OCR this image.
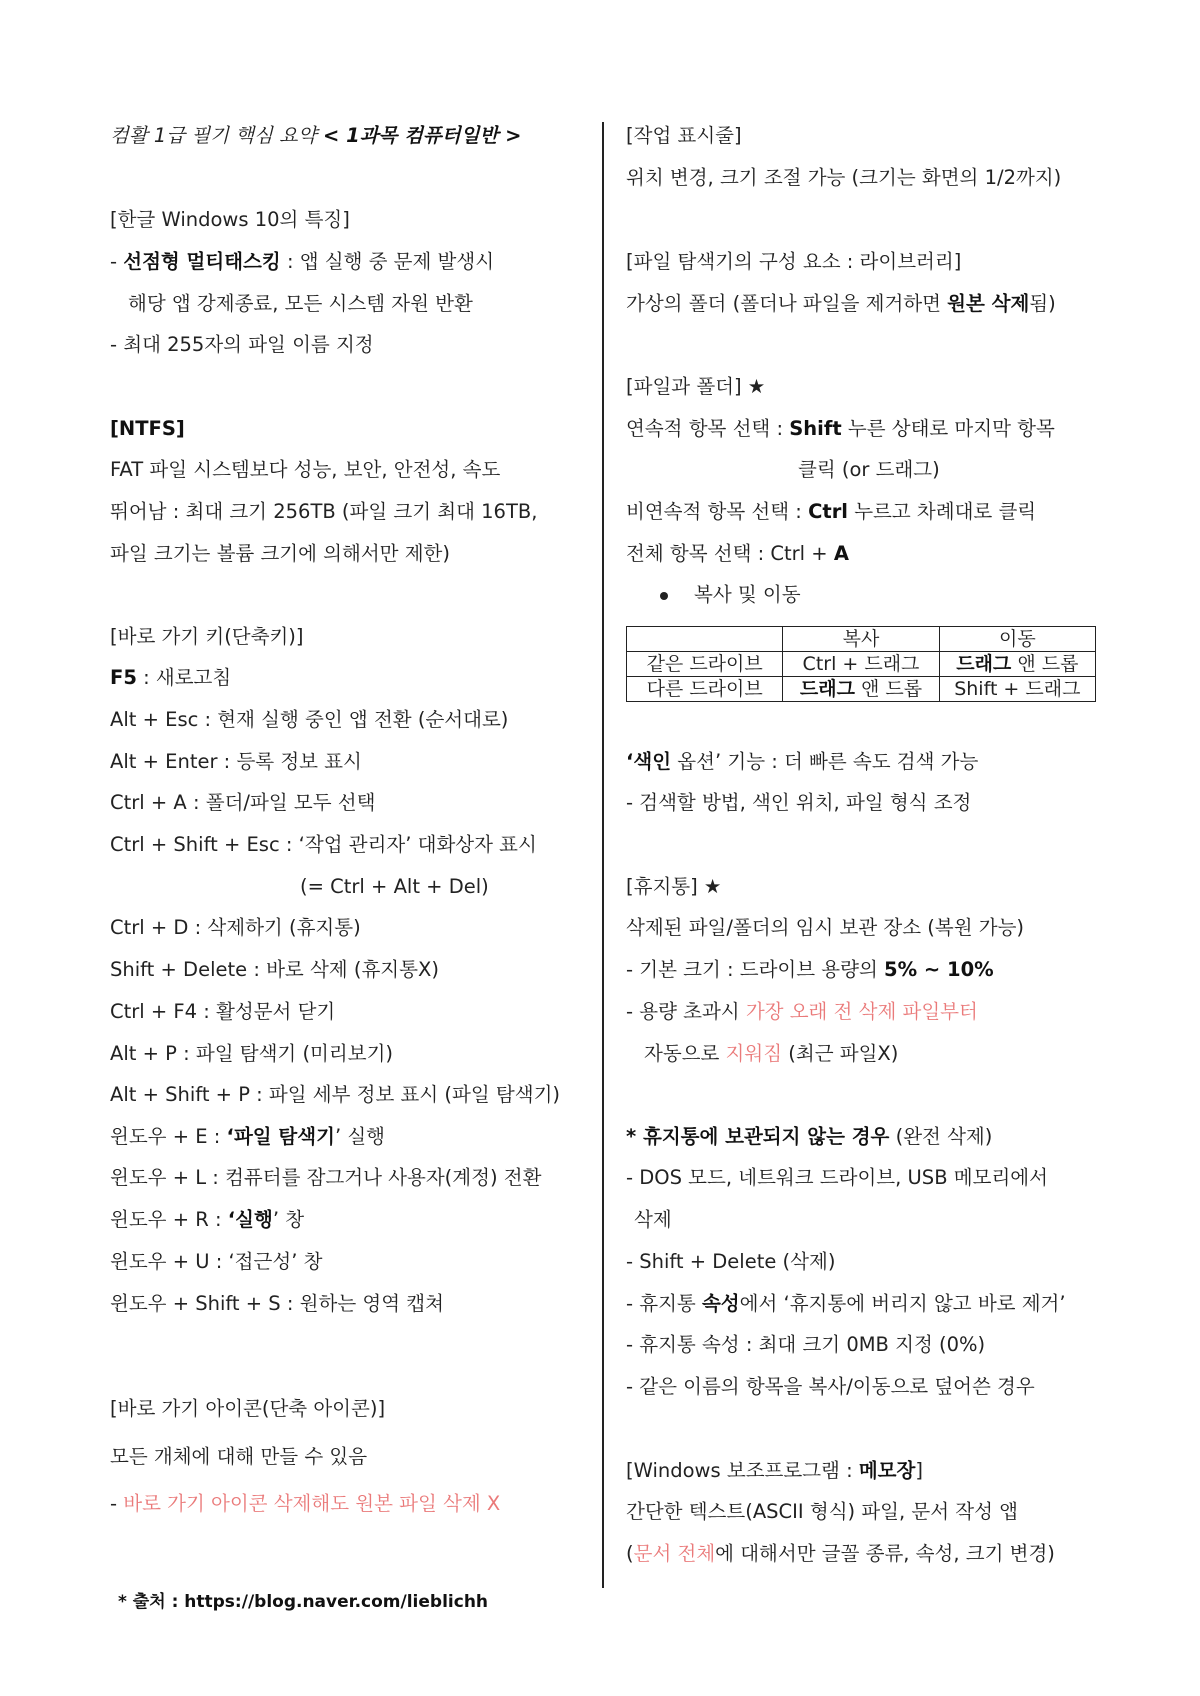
컴활 1급 필기 핵심 요약 < 1과목 컴퓨터일반 >
[한글 Windows 10의 특징]
- 선점형 멀티태스킹 : 앱 실행 중 문제 발생시
해당 앱 강제종료, 모든 시스템 자원 반환
- 최대 255자의 파일 이름 지정
[NTFS]
FAT 파일 시스템보다 성능, 보안, 안전성, 속도
뛰어남 : 최대 크기 256TB (파일 크기 최대 16TB,
파일 크기는 볼륨 크기에 의해서만 제한)
[바로 가기 키(단축키)]
F5 : 새로고침
Alt + Esc : 현재 실행 중인 앱 전환 (순서대로)
Alt + Enter : 등록 정보 표시
Ctrl + A : 폴더/파일 모두 선택
Ctrl + Shift + Esc : ‘작업 관리자’ 대화상자 표시
(= Ctrl + Alt + Del)
Ctrl + D : 삭제하기 (휴지통)
Shift + Delete : 바로 삭제 (휴지통X)
Ctrl + F4 : 활성문서 닫기
Alt + P : 파일 탐색기 (미리보기)
Alt + Shift + P : 파일 세부 정보 표시 (파일 탐색기)
윈도우 + E : ‘파일 탐색기’ 실행
윈도우 + L : 컴퓨터를 잠그거나 사용자(계정) 전환
윈도우 + R : ‘실행’ 창
윈도우 + U : ‘접근성’ 창
윈도우 + Shift + S : 원하는 영역 캡쳐
[바로 가기 아이콘(단축 아이콘)]
모든 개체에 대해 만들 수 있음
- 바로 가기 아이콘 삭제해도 원본 파일 삭제 X
* 출처 : https://blog.naver.com/lieblichh
[작업 표시줄]
위치 변경, 크기 조절 가능 (크기는 화면의 1/2까지)
[파일 탐색기의 구성 요소 : 라이브러리]
가상의 폴더 (폴더나 파일을 제거하면 원본 삭제됨)
[파일과 폴더] ★
연속적 항목 선택 : Shift 누른 상태로 마지막 항목
클릭 (or 드래그)
비연속적 항목 선택 : Ctrl 누르고 차례대로 클릭
전체 항목 선택 : Ctrl + A
복사 및 이동
	복사	이동
같은 드라이브	Ctrl + 드래그	드래그 앤 드롭
다른 드라이브	드래그 앤 드롭	Shift + 드래그
‘색인 옵션’ 기능 : 더 빠른 속도 검색 가능
- 검색할 방법, 색인 위치, 파일 형식 조정
[휴지통] ★
삭제된 파일/폴더의 임시 보관 장소 (복원 가능)
- 기본 크기 : 드라이브 용량의 5% ~ 10%
- 용량 초과시 가장 오래 전 삭제 파일부터
자동으로 지워짐 (최근 파일X)
* 휴지통에 보관되지 않는 경우 (완전 삭제)
- DOS 모드, 네트워크 드라이브, USB 메모리에서
삭제
- Shift + Delete (삭제)
- 휴지통 속성에서 ‘휴지통에 버리지 않고 바로 제거’
- 휴지통 속성 : 최대 크기 0MB 지정 (0%)
- 같은 이름의 항목을 복사/이동으로 덮어쓴 경우
[Windows 보조프로그램 : 메모장]
간단한 텍스트(ASCII 형식) 파일, 문서 작성 앱
(문서 전체에 대해서만 글꼴 종류, 속성, 크기 변경)
